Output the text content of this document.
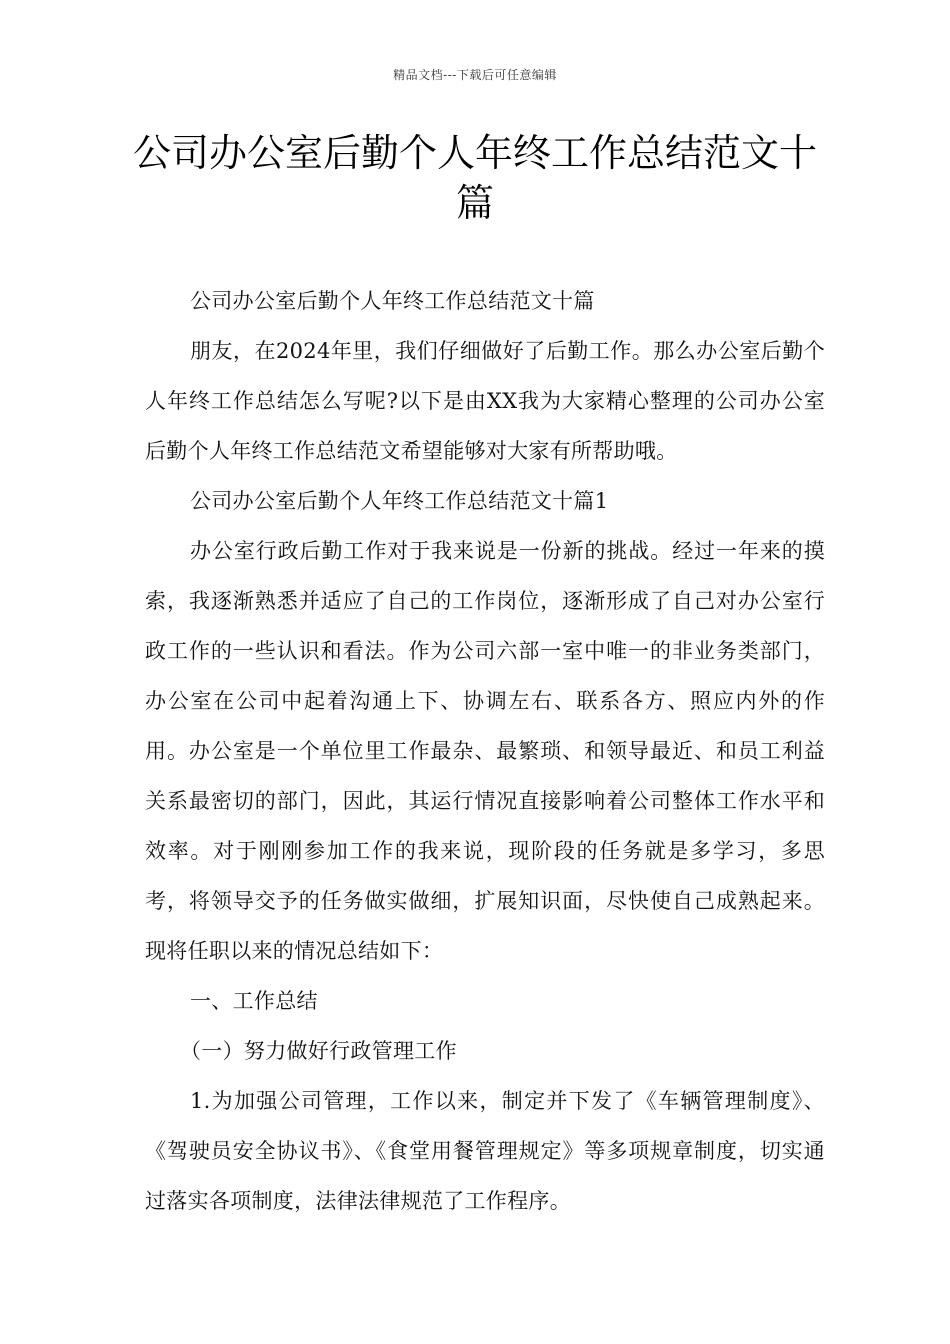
精品文档---下载后可任意编辑
公司办公室后勤个人年终工作总结范文十篇

公司办公室后勤个人年终工作总结范文十篇

朋友，在2024年里，我们仔细做好了后勤工作。那么办公室后勤个人年终工作总结怎么写呢?以下是由XX我为大家精心整理的公司办公室后勤个人年终工作总结范文希望能够对大家有所帮助哦。

公司办公室后勤个人年终工作总结范文十篇1

办公室行政后勤工作对于我来说是一份新的挑战。经过一年来的摸索，我逐渐熟悉并适应了自己的工作岗位，逐渐形成了自己对办公室行政工作的一些认识和看法。作为公司六部一室中唯一的非业务类部门，办公室在公司中起着沟通上下、协调左右、联系各方、照应内外的作用。办公室是一个单位里工作最杂、最繁琐、和领导最近、和员工利益关系最密切的部门，因此，其运行情况直接影响着公司整体工作水平和效率。对于刚刚参加工作的我来说，现阶段的任务就是多学习，多思考，将领导交予的任务做实做细，扩展知识面，尽快使自己成熟起来。现将任职以来的情况总结如下：

一、工作总结

（一）努力做好行政管理工作

1.为加强公司管理，工作以来，制定并下发了《车辆管理制度》、《驾驶员安全协议书》、《食堂用餐管理规定》等多项规章制度，切实通过落实各项制度，法律法律规范了工作程序。
